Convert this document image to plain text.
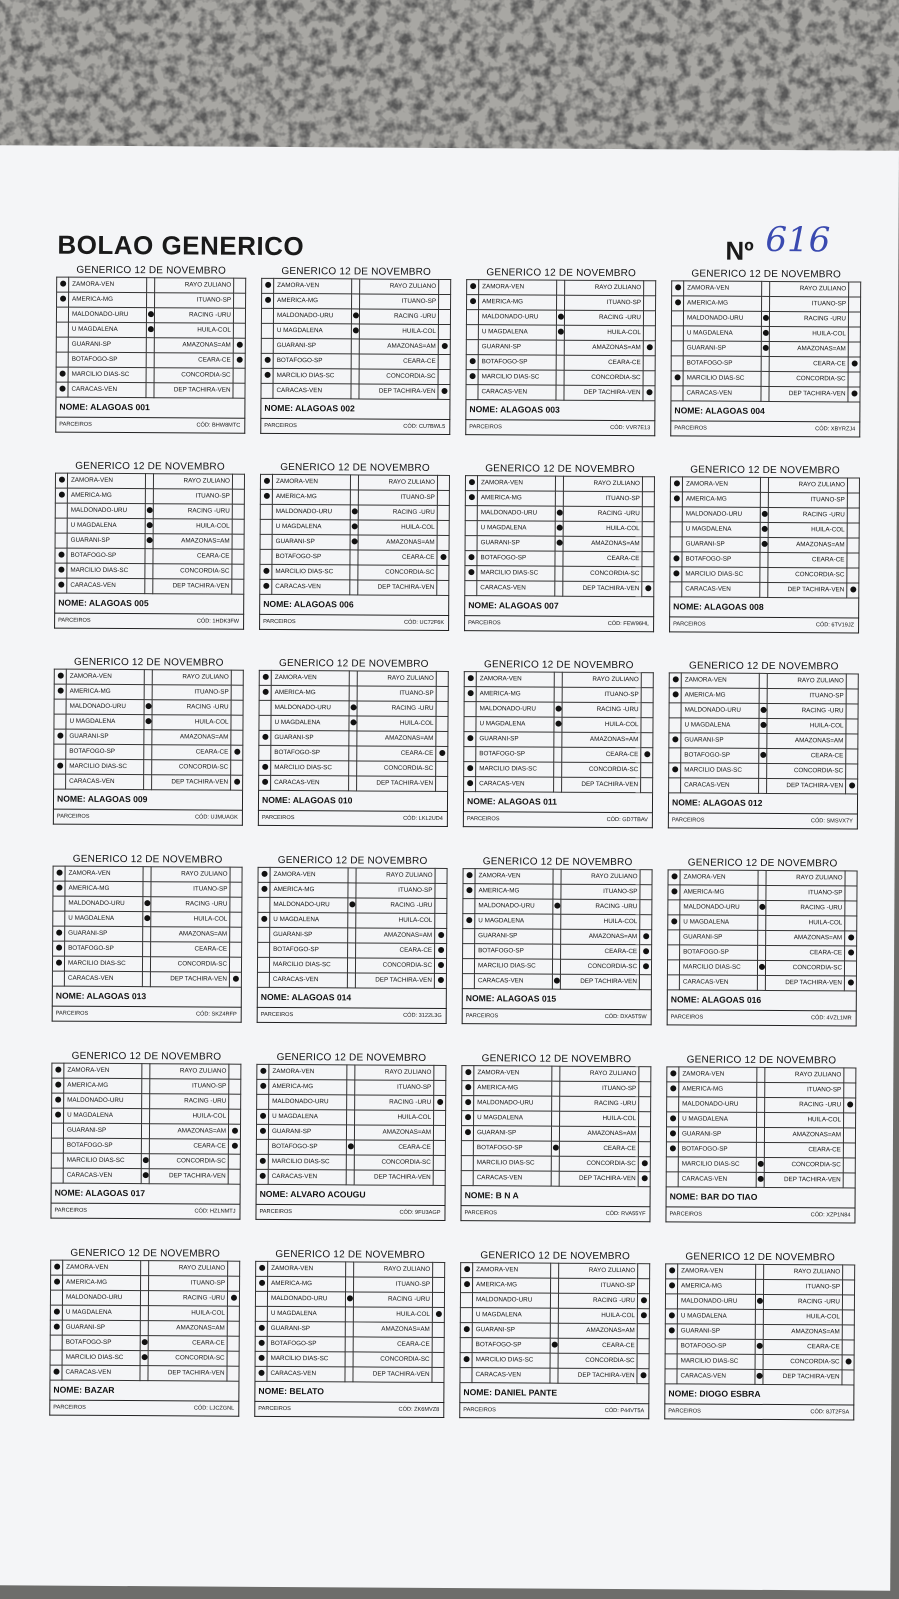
BOLAO GENERICO	Nº 616
GENERICO 12 DE NOVEMBRO
	ZAMORA-VEN		RAYO ZULIANO	
	AMERICA-MG		ITUANO-SP	
	MALDONADO-URU		RACING -URU	
	U MAGDALENA		HUILA-COL	
	GUARANI-SP		AMAZONAS=AM	
	BOTAFOGO-SP		CEARA-CE	
	MARCILIO DIAS-SC		CONCORDIA-SC	
	CARACAS-VEN		DEP TACHIRA-VEN	
NOME: ALAGOAS 001
PARCEIROS	CÓD: BHW8MTC
GENERICO 12 DE NOVEMBRO
	ZAMORA-VEN		RAYO ZULIANO	
	AMERICA-MG		ITUANO-SP	
	MALDONADO-URU		RACING -URU	
	U MAGDALENA		HUILA-COL	
	GUARANI-SP		AMAZONAS=AM	
	BOTAFOGO-SP		CEARA-CE	
	MARCILIO DIAS-SC		CONCORDIA-SC	
	CARACAS-VEN		DEP TACHIRA-VEN	
NOME: ALAGOAS 002
PARCEIROS	CÓD: CU7BWL5
GENERICO 12 DE NOVEMBRO
	ZAMORA-VEN		RAYO ZULIANO	
	AMERICA-MG		ITUANO-SP	
	MALDONADO-URU		RACING -URU	
	U MAGDALENA		HUILA-COL	
	GUARANI-SP		AMAZONAS=AM	
	BOTAFOGO-SP		CEARA-CE	
	MARCILIO DIAS-SC		CONCORDIA-SC	
	CARACAS-VEN		DEP TACHIRA-VEN	
NOME: ALAGOAS 003
PARCEIROS	CÓD: VVR7E13
GENERICO 12 DE NOVEMBRO
	ZAMORA-VEN		RAYO ZULIANO	
	AMERICA-MG		ITUANO-SP	
	MALDONADO-URU		RACING -URU	
	U MAGDALENA		HUILA-COL	
	GUARANI-SP		AMAZONAS=AM	
	BOTAFOGO-SP		CEARA-CE	
	MARCILIO DIAS-SC		CONCORDIA-SC	
	CARACAS-VEN		DEP TACHIRA-VEN	
NOME: ALAGOAS 004
PARCEIROS	CÓD: XBYRZJ4
GENERICO 12 DE NOVEMBRO
	ZAMORA-VEN		RAYO ZULIANO	
	AMERICA-MG		ITUANO-SP	
	MALDONADO-URU		RACING -URU	
	U MAGDALENA		HUILA-COL	
	GUARANI-SP		AMAZONAS=AM	
	BOTAFOGO-SP		CEARA-CE	
	MARCILIO DIAS-SC		CONCORDIA-SC	
	CARACAS-VEN		DEP TACHIRA-VEN	
NOME: ALAGOAS 005
PARCEIROS	CÓD: 1HDK3FW
GENERICO 12 DE NOVEMBRO
	ZAMORA-VEN		RAYO ZULIANO	
	AMERICA-MG		ITUANO-SP	
	MALDONADO-URU		RACING -URU	
	U MAGDALENA		HUILA-COL	
	GUARANI-SP		AMAZONAS=AM	
	BOTAFOGO-SP		CEARA-CE	
	MARCILIO DIAS-SC		CONCORDIA-SC	
	CARACAS-VEN		DEP TACHIRA-VEN	
NOME: ALAGOAS 006
PARCEIROS	CÓD: UC72F6K
GENERICO 12 DE NOVEMBRO
	ZAMORA-VEN		RAYO ZULIANO	
	AMERICA-MG		ITUANO-SP	
	MALDONADO-URU		RACING -URU	
	U MAGDALENA		HUILA-COL	
	GUARANI-SP		AMAZONAS=AM	
	BOTAFOGO-SP		CEARA-CE	
	MARCILIO DIAS-SC		CONCORDIA-SC	
	CARACAS-VEN		DEP TACHIRA-VEN	
NOME: ALAGOAS 007
PARCEIROS	CÓD: FEW96HL
GENERICO 12 DE NOVEMBRO
	ZAMORA-VEN		RAYO ZULIANO	
	AMERICA-MG		ITUANO-SP	
	MALDONADO-URU		RACING -URU	
	U MAGDALENA		HUILA-COL	
	GUARANI-SP		AMAZONAS=AM	
	BOTAFOGO-SP		CEARA-CE	
	MARCILIO DIAS-SC		CONCORDIA-SC	
	CARACAS-VEN		DEP TACHIRA-VEN	
NOME: ALAGOAS 008
PARCEIROS	CÓD: 6TV19JZ
GENERICO 12 DE NOVEMBRO
	ZAMORA-VEN		RAYO ZULIANO	
	AMERICA-MG		ITUANO-SP	
	MALDONADO-URU		RACING -URU	
	U MAGDALENA		HUILA-COL	
	GUARANI-SP		AMAZONAS=AM	
	BOTAFOGO-SP		CEARA-CE	
	MARCILIO DIAS-SC		CONCORDIA-SC	
	CARACAS-VEN		DEP TACHIRA-VEN	
NOME: ALAGOAS 009
PARCEIROS	CÓD: UJMUAGK
GENERICO 12 DE NOVEMBRO
	ZAMORA-VEN		RAYO ZULIANO	
	AMERICA-MG		ITUANO-SP	
	MALDONADO-URU		RACING -URU	
	U MAGDALENA		HUILA-COL	
	GUARANI-SP		AMAZONAS=AM	
	BOTAFOGO-SP		CEARA-CE	
	MARCILIO DIAS-SC		CONCORDIA-SC	
	CARACAS-VEN		DEP TACHIRA-VEN	
NOME: ALAGOAS 010
PARCEIROS	CÓD: LKL2UD4
GENERICO 12 DE NOVEMBRO
	ZAMORA-VEN		RAYO ZULIANO	
	AMERICA-MG		ITUANO-SP	
	MALDONADO-URU		RACING -URU	
	U MAGDALENA		HUILA-COL	
	GUARANI-SP		AMAZONAS=AM	
	BOTAFOGO-SP		CEARA-CE	
	MARCILIO DIAS-SC		CONCORDIA-SC	
	CARACAS-VEN		DEP TACHIRA-VEN	
NOME: ALAGOAS 011
PARCEIROS	CÓD: GD7TBAV
GENERICO 12 DE NOVEMBRO
	ZAMORA-VEN		RAYO ZULIANO	
	AMERICA-MG		ITUANO-SP	
	MALDONADO-URU		RACING -URU	
	U MAGDALENA		HUILA-COL	
	GUARANI-SP		AMAZONAS=AM	
	BOTAFOGO-SP		CEARA-CE	
	MARCILIO DIAS-SC		CONCORDIA-SC	
	CARACAS-VEN		DEP TACHIRA-VEN	
NOME: ALAGOAS 012
PARCEIROS	CÓD: SMSVX7Y
GENERICO 12 DE NOVEMBRO
	ZAMORA-VEN		RAYO ZULIANO	
	AMERICA-MG		ITUANO-SP	
	MALDONADO-URU		RACING -URU	
	U MAGDALENA		HUILA-COL	
	GUARANI-SP		AMAZONAS=AM	
	BOTAFOGO-SP		CEARA-CE	
	MARCILIO DIAS-SC		CONCORDIA-SC	
	CARACAS-VEN		DEP TACHIRA-VEN	
NOME: ALAGOAS 013
PARCEIROS	CÓD: SKZ4RFP
GENERICO 12 DE NOVEMBRO
	ZAMORA-VEN		RAYO ZULIANO	
	AMERICA-MG		ITUANO-SP	
	MALDONADO-URU		RACING -URU	
	U MAGDALENA		HUILA-COL	
	GUARANI-SP		AMAZONAS=AM	
	BOTAFOGO-SP		CEARA-CE	
	MARCILIO DIAS-SC		CONCORDIA-SC	
	CARACAS-VEN		DEP TACHIRA-VEN	
NOME: ALAGOAS 014
PARCEIROS	CÓD: 3122L3G
GENERICO 12 DE NOVEMBRO
	ZAMORA-VEN		RAYO ZULIANO	
	AMERICA-MG		ITUANO-SP	
	MALDONADO-URU		RACING -URU	
	U MAGDALENA		HUILA-COL	
	GUARANI-SP		AMAZONAS=AM	
	BOTAFOGO-SP		CEARA-CE	
	MARCILIO DIAS-SC		CONCORDIA-SC	
	CARACAS-VEN		DEP TACHIRA-VEN	
NOME: ALAGOAS 015
PARCEIROS	CÓD: DXA5T5W
GENERICO 12 DE NOVEMBRO
	ZAMORA-VEN		RAYO ZULIANO	
	AMERICA-MG		ITUANO-SP	
	MALDONADO-URU		RACING -URU	
	U MAGDALENA		HUILA-COL	
	GUARANI-SP		AMAZONAS=AM	
	BOTAFOGO-SP		CEARA-CE	
	MARCILIO DIAS-SC		CONCORDIA-SC	
	CARACAS-VEN		DEP TACHIRA-VEN	
NOME: ALAGOAS 016
PARCEIROS	CÓD: 4VZL1MR
GENERICO 12 DE NOVEMBRO
	ZAMORA-VEN		RAYO ZULIANO	
	AMERICA-MG		ITUANO-SP	
	MALDONADO-URU		RACING -URU	
	U MAGDALENA		HUILA-COL	
	GUARANI-SP		AMAZONAS=AM	
	BOTAFOGO-SP		CEARA-CE	
	MARCILIO DIAS-SC		CONCORDIA-SC	
	CARACAS-VEN		DEP TACHIRA-VEN	
NOME: ALAGOAS 017
PARCEIROS	CÓD: HZLNMTJ
GENERICO 12 DE NOVEMBRO
	ZAMORA-VEN		RAYO ZULIANO	
	AMERICA-MG		ITUANO-SP	
	MALDONADO-URU		RACING -URU	
	U MAGDALENA		HUILA-COL	
	GUARANI-SP		AMAZONAS=AM	
	BOTAFOGO-SP		CEARA-CE	
	MARCILIO DIAS-SC		CONCORDIA-SC	
	CARACAS-VEN		DEP TACHIRA-VEN	
NOME: ALVARO ACOUGU
PARCEIROS	CÓD: 9FU3AGP
GENERICO 12 DE NOVEMBRO
	ZAMORA-VEN		RAYO ZULIANO	
	AMERICA-MG		ITUANO-SP	
	MALDONADO-URU		RACING -URU	
	U MAGDALENA		HUILA-COL	
	GUARANI-SP		AMAZONAS=AM	
	BOTAFOGO-SP		CEARA-CE	
	MARCILIO DIAS-SC		CONCORDIA-SC	
	CARACAS-VEN		DEP TACHIRA-VEN	
NOME: B N A
PARCEIROS	CÓD: RVA55YF
GENERICO 12 DE NOVEMBRO
	ZAMORA-VEN		RAYO ZULIANO	
	AMERICA-MG		ITUANO-SP	
	MALDONADO-URU		RACING -URU	
	U MAGDALENA		HUILA-COL	
	GUARANI-SP		AMAZONAS=AM	
	BOTAFOGO-SP		CEARA-CE	
	MARCILIO DIAS-SC		CONCORDIA-SC	
	CARACAS-VEN		DEP TACHIRA-VEN	
NOME: BAR DO TIAO
PARCEIROS	CÓD: XZP1N84
GENERICO 12 DE NOVEMBRO
	ZAMORA-VEN		RAYO ZULIANO	
	AMERICA-MG		ITUANO-SP	
	MALDONADO-URU		RACING -URU	
	U MAGDALENA		HUILA-COL	
	GUARANI-SP		AMAZONAS=AM	
	BOTAFOGO-SP		CEARA-CE	
	MARCILIO DIAS-SC		CONCORDIA-SC	
	CARACAS-VEN		DEP TACHIRA-VEN	
NOME: BAZAR
PARCEIROS	CÓD: LJCZGNL
GENERICO 12 DE NOVEMBRO
	ZAMORA-VEN		RAYO ZULIANO	
	AMERICA-MG		ITUANO-SP	
	MALDONADO-URU		RACING -URU	
	U MAGDALENA		HUILA-COL	
	GUARANI-SP		AMAZONAS=AM	
	BOTAFOGO-SP		CEARA-CE	
	MARCILIO DIAS-SC		CONCORDIA-SC	
	CARACAS-VEN		DEP TACHIRA-VEN	
NOME: BELATO
PARCEIROS	CÓD: ZK6MVZ8
GENERICO 12 DE NOVEMBRO
	ZAMORA-VEN		RAYO ZULIANO	
	AMERICA-MG		ITUANO-SP	
	MALDONADO-URU		RACING -URU	
	U MAGDALENA		HUILA-COL	
	GUARANI-SP		AMAZONAS=AM	
	BOTAFOGO-SP		CEARA-CE	
	MARCILIO DIAS-SC		CONCORDIA-SC	
	CARACAS-VEN		DEP TACHIRA-VEN	
NOME: DANIEL PANTE
PARCEIROS	CÓD: P44VT5A
GENERICO 12 DE NOVEMBRO
	ZAMORA-VEN		RAYO ZULIANO	
	AMERICA-MG		ITUANO-SP	
	MALDONADO-URU		RACING -URU	
	U MAGDALENA		HUILA-COL	
	GUARANI-SP		AMAZONAS=AM	
	BOTAFOGO-SP		CEARA-CE	
	MARCILIO DIAS-SC		CONCORDIA-SC	
	CARACAS-VEN		DEP TACHIRA-VEN	
NOME: DIOGO ESBRA
PARCEIROS	CÓD: 8JT2FSA
